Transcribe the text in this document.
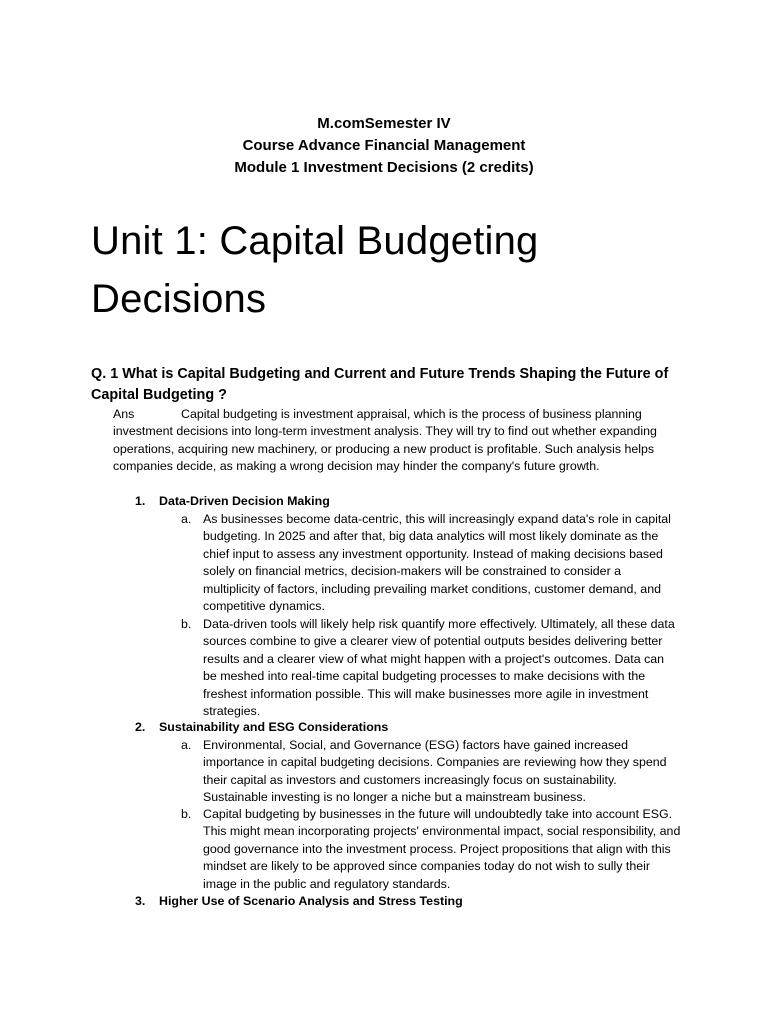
M.comSemester IV
Course Advance Financial Management
Module 1 Investment Decisions (2 credits)
Unit 1: Capital Budgeting Decisions
Q. 1 What is Capital Budgeting and Current and Future Trends Shaping the Future of Capital Budgeting ?
Ans	Capital budgeting is investment appraisal, which is the process of business planning investment decisions into long-term investment analysis. They will try to find out whether expanding operations, acquiring new machinery, or producing a new product is profitable. Such analysis helps companies decide, as making a wrong decision may hinder the company's future growth.
1.	Data-Driven Decision Making
a. As businesses become data-centric, this will increasingly expand data's role in capital budgeting. In 2025 and after that, big data analytics will most likely dominate as the chief input to assess any investment opportunity. Instead of making decisions based solely on financial metrics, decision-makers will be constrained to consider a multiplicity of factors, including prevailing market conditions, customer demand, and competitive dynamics.
b. Data-driven tools will likely help risk quantify more effectively. Ultimately, all these data sources combine to give a clearer view of potential outputs besides delivering better results and a clearer view of what might happen with a project's outcomes. Data can be meshed into real-time capital budgeting processes to make decisions with the freshest information possible. This will make businesses more agile in investment strategies.
2.	Sustainability and ESG Considerations
a. Environmental, Social, and Governance (ESG) factors have gained increased importance in capital budgeting decisions. Companies are reviewing how they spend their capital as investors and customers increasingly focus on sustainability. Sustainable investing is no longer a niche but a mainstream business.
b. Capital budgeting by businesses in the future will undoubtedly take into account ESG. This might mean incorporating projects' environmental impact, social responsibility, and good governance into the investment process. Project propositions that align with this mindset are likely to be approved since companies today do not wish to sully their image in the public and regulatory standards.
3.	Higher Use of Scenario Analysis and Stress Testing
